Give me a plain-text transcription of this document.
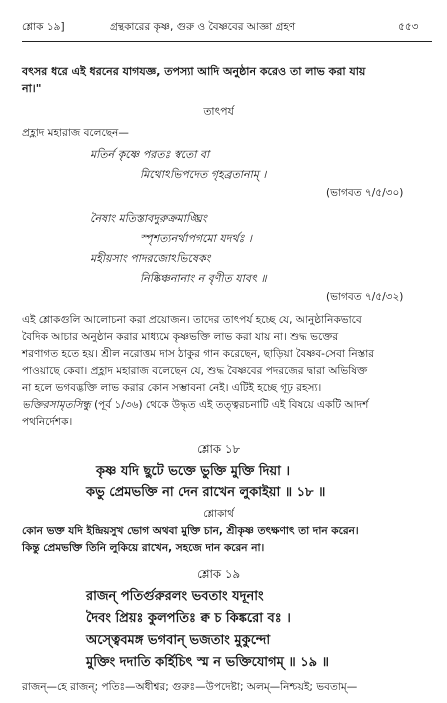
শ্লোক ১৯]	গ্রন্থকারের কৃষ্ণ, গুরু ও বৈষ্ণবের আজ্ঞা গ্রহণ	৫৫৩
বৎসর ধরে এই ধরনের যাগযজ্ঞ, তপস্যা আদি অনুষ্ঠান করেও তা লাভ করা যায়
না।"
তাৎপর্য
প্রহ্লাদ মহারাজ বলেছেন—
মতির্ন কৃষ্ণে পরতঃ স্বতো বা
মিথোঽভিপদেত গৃহব্রতানাম্ ।
(ভাগবত ৭/৫/৩০)
নৈষাং মতিস্তাবদুরুক্রমাঙ্ঘ্রিং
স্পৃশত্যনর্থাপগমো যদর্থঃ ।
মহীয়সাং পাদরজোঽভিষেকং
নিষ্কিঞ্চনানাং ন বৃণীত যাবৎ ॥
(ভাগবত ৭/৫/৩২)
এই শ্লোকগুলি আলোচনা করা প্রয়োজন। তাদের তাৎপর্য হচ্ছে যে, আনুষ্ঠানিকভাবে
বৈদিক আচার অনুষ্ঠান করার মাধ্যমে কৃষ্ণভক্তি লাভ করা যায় না। শুদ্ধ ভক্তের
শরণাগত হতে হয়। শ্রীল নরোত্তম দাস ঠাকুর গান করেছেন, ছাড়িয়া বৈষ্ণব-সেবা নিস্তার
পাওয়াছে কেবা। প্রহ্লাদ মহারাজ বলেছেন যে, শুদ্ধ বৈষ্ণবের পদরজের দ্বারা অভিষিক্ত
না হলে ভগবদ্ভক্তি লাভ করার কোন সম্ভাবনা নেই। এটিই হচ্ছে গূঢ় রহস্য।
ভক্তিরসামৃতসিন্ধু (পূর্ব ১/৩৬) থেকে উদ্ধৃত এই তত্ত্বরচনাটি এই বিষয়ে একটি আদর্শ
পথনির্দেশক।
শ্লোক ১৮
কৃষ্ণ যদি ছুটে ভক্তে ভুক্তি মুক্তি দিয়া ।
কভু প্রেমভক্তি না দেন রাখেন লুকাইয়া ॥ ১৮ ॥
শ্লোকার্থ
কোন ভক্ত যদি ইন্দ্রিয়সুখ ভোগ অথবা মুক্তি চান, শ্রীকৃষ্ণ তৎক্ষণাৎ তা দান করেন।
কিন্তু প্রেমভক্তি তিনি লুকিয়ে রাখেন, সহজে দান করেন না।
শ্লোক ১৯
রাজন্ পতির্গুরুরলং ভবতাং যদূনাং
দৈবং প্রিয়ঃ কুলপতিঃ ক্ব চ কিঙ্করো বঃ ।
অস্ত্বেবমঙ্গ ভগবান্ ভজতাং মুকুন্দো
মুক্তিং দদাতি কর্হিচিৎ স্ম ন ভক্তিযোগম্ ॥ ১৯ ॥
রাজন্—হে রাজন্; পতিঃ—অধীশ্বর; গুরুঃ—উপদেষ্টা; অলম্—নিশ্চয়ই; ভবতাম্—
